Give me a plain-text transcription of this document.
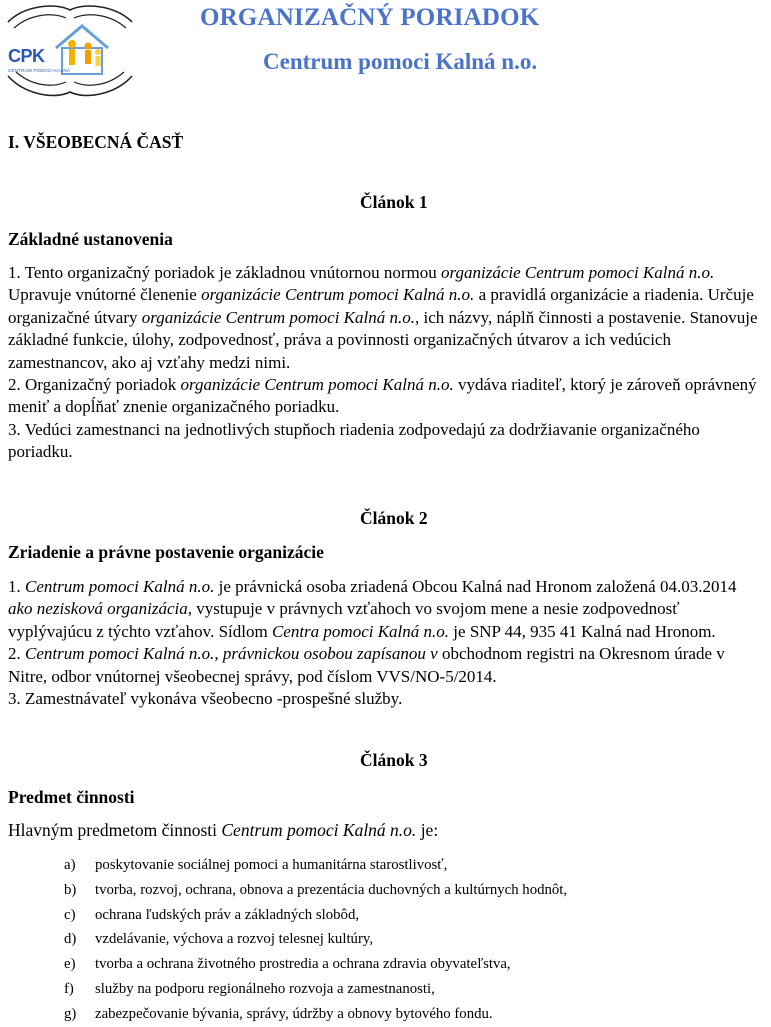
CPK
CENTRUM POMOCI KALNÁ
ORGANIZAČNÝ PORIADOK
Centrum pomoci Kalná n.o.
I. VŠEOBECNÁ ČASŤ
Článok 1
Základné ustanovenia

1. Tento organizačný poriadok je základnou vnútornou normou organizácie Centrum pomoci Kalná n.o. Upravuje vnútorné členenie organizácie Centrum pomoci Kalná n.o. a pravidlá organizácie a riadenia. Určuje organizačné útvary organizácie Centrum pomoci Kalná n.o., ich názvy, náplň činnosti a postavenie. Stanovuje základné funkcie, úlohy, zodpovednosť, práva a povinnosti organizačných útvarov a ich vedúcich zamestnancov, ako aj vzťahy medzi nimi.

2. Organizačný poriadok organizácie Centrum pomoci Kalná n.o. vydáva riaditeľ, ktorý je zároveň oprávnený meniť a dopĺňať znenie organizačného poriadku.

3. Vedúci zamestnanci na jednotlivých stupňoch riadenia zodpovedajú za dodržiavanie organizačného poriadku.

Článok 2
Zriadenie a právne postavenie organizácie

1. Centrum pomoci Kalná n.o. je právnická osoba zriadená Obcou Kalná nad Hronom založená 04.03.2014 ako nezisková organizácia, vystupuje v právnych vzťahoch vo svojom mene a nesie zodpovednosť vyplývajúcu z týchto vzťahov. Sídlom Centra pomoci Kalná n.o. je SNP 44, 935 41 Kalná nad Hronom.

2. Centrum pomoci Kalná n.o., právnickou osobou zapísanou v obchodnom registri na Okresnom úrade v Nitre, odbor vnútornej všeobecnej správy, pod číslom VVS/NO-5/2014.

3. Zamestnávateľ vykonáva všeobecno -prospešné služby.

Článok 3
Predmet činnosti
Hlavným predmetom činnosti Centrum pomoci Kalná n.o. je:
a) poskytovanie sociálnej pomoci a humanitárna starostlivosť,
b) tvorba, rozvoj, ochrana, obnova a prezentácia duchovných a kultúrnych hodnôt,
c) ochrana ľudských práv a základných slobôd,
d) vzdelávanie, výchova a rozvoj telesnej kultúry,
e) tvorba a ochrana životného prostredia a ochrana zdravia obyvateľstva,
f) služby na podporu regionálneho rozvoja a zamestnanosti,
g) zabezpečovanie bývania, správy, údržby a obnovy bytového fondu.
